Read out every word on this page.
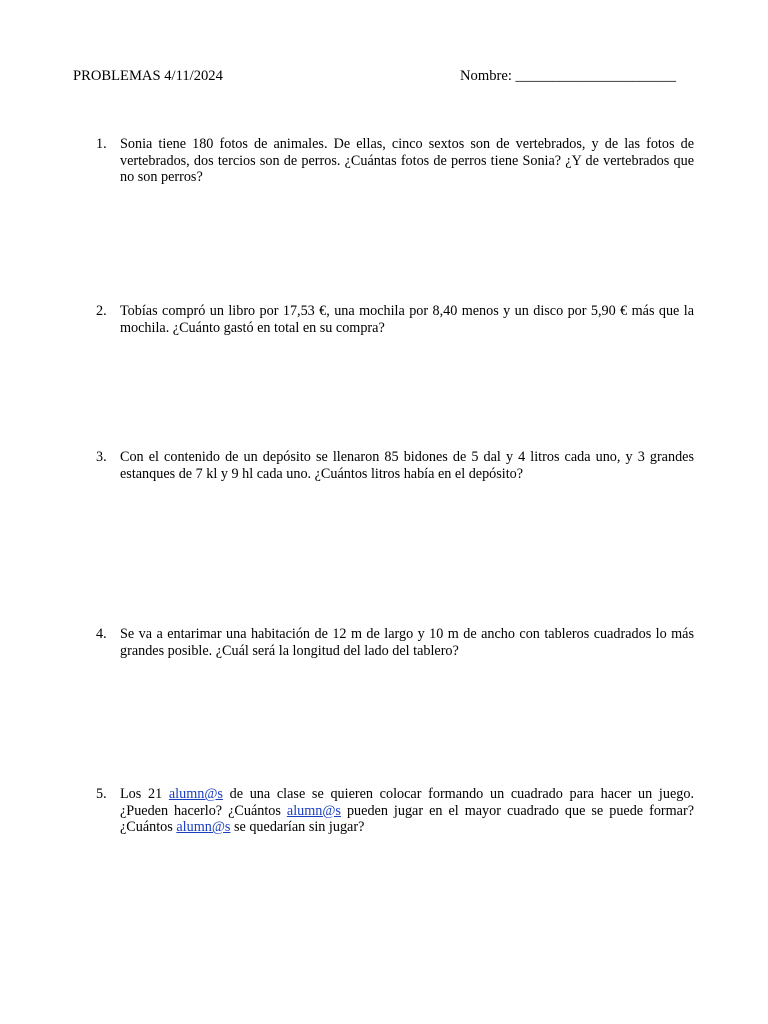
PROBLEMAS 4/11/2024	Nombre: ______________________
1. Sonia tiene 180 fotos de animales. De ellas, cinco sextos son de vertebrados, y de las fotos de vertebrados, dos tercios son de perros. ¿Cuántas fotos de perros tiene Sonia? ¿Y de vertebrados que no son perros?
2. Tobías compró un libro por 17,53 €, una mochila por 8,40 menos y un disco por 5,90 € más que la mochila. ¿Cuánto gastó en total en su compra?
3. Con el contenido de un depósito se llenaron 85 bidones de 5 dal y 4 litros cada uno, y 3 grandes estanques de 7 kl y 9 hl cada uno. ¿Cuántos litros había en el depósito?
4. Se va a entarimar una habitación de 12 m de largo y 10 m de ancho con tableros cuadrados lo más grandes posible. ¿Cuál será la longitud del lado del tablero?
5. Los 21 alumn@s de una clase se quieren colocar formando un cuadrado para hacer un juego. ¿Pueden hacerlo? ¿Cuántos alumn@s pueden jugar en el mayor cuadrado que se puede formar? ¿Cuántos alumn@s se quedarían sin jugar?
